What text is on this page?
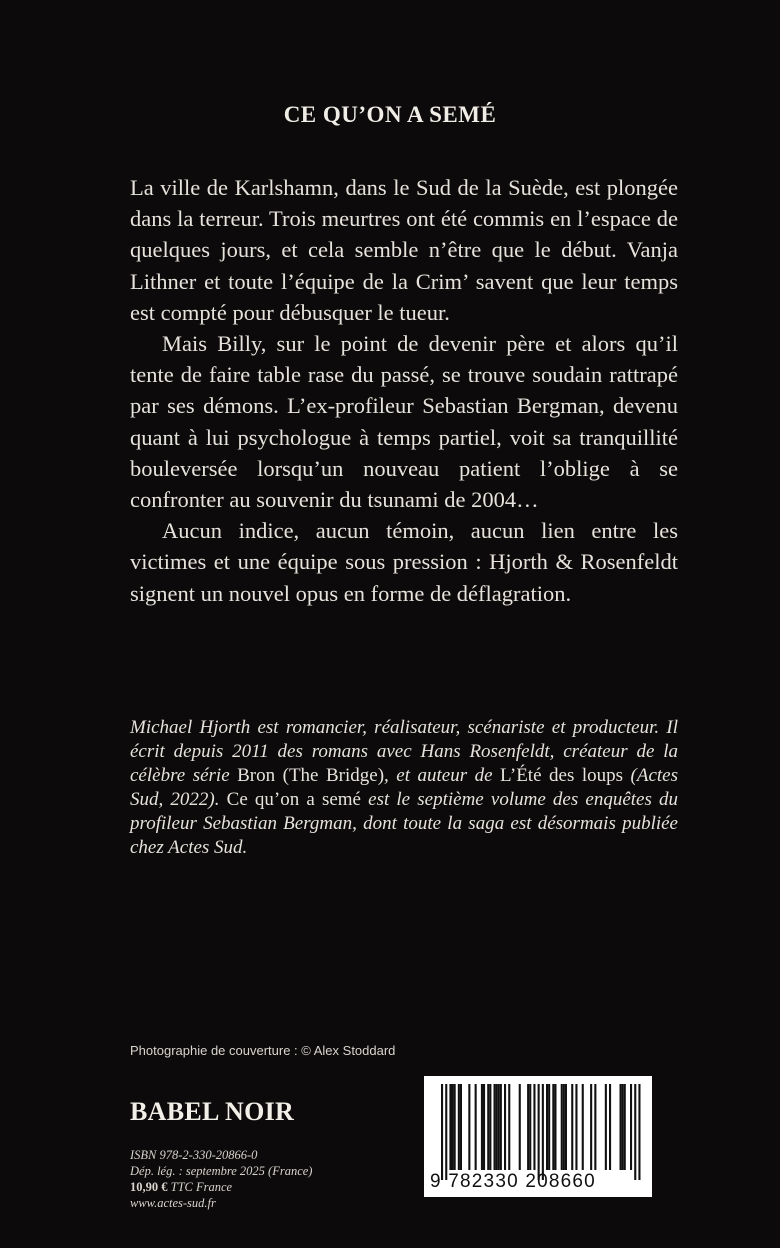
CE QU’ON A SEMÉ

La ville de Karlshamn, dans le Sud de la Suède, est plongée dans la terreur. Trois meurtres ont été commis en l’espace de quelques jours, et cela semble n’être que le début. Vanja Lithner et toute l’équipe de la Crim’ savent que leur temps est compté pour débusquer le tueur.

Mais Billy, sur le point de devenir père et alors qu’il tente de faire table rase du passé, se trouve soudain rattrapé par ses démons. L’ex-profileur Sebastian Bergman, devenu quant à lui psychologue à temps partiel, voit sa tranquillité bouleversée lorsqu’un nouveau patient l’oblige à se confronter au souvenir du tsunami de 2004…

Aucun indice, aucun témoin, aucun lien entre les victimes et une équipe sous pression : Hjorth & Rosenfeldt signent un nouvel opus en forme de déflagration.

Michael Hjorth est romancier, réalisateur, scénariste et producteur. Il écrit depuis 2011 des romans avec Hans Rosenfeldt, créateur de la célèbre série Bron (The Bridge), et auteur de L’Été des loups (Actes Sud, 2022). Ce qu’on a semé est le septième volume des enquêtes du profileur Sebastian Bergman, dont toute la saga est désormais publiée chez Actes Sud.
Photographie de couverture : © Alex Stoddard
BABEL NOIR
ISBN 978-2-330-20866-0
Dép. lég. : septembre 2025 (France)
10,90 € TTC France
www.actes-sud.fr
9 782330 208660
